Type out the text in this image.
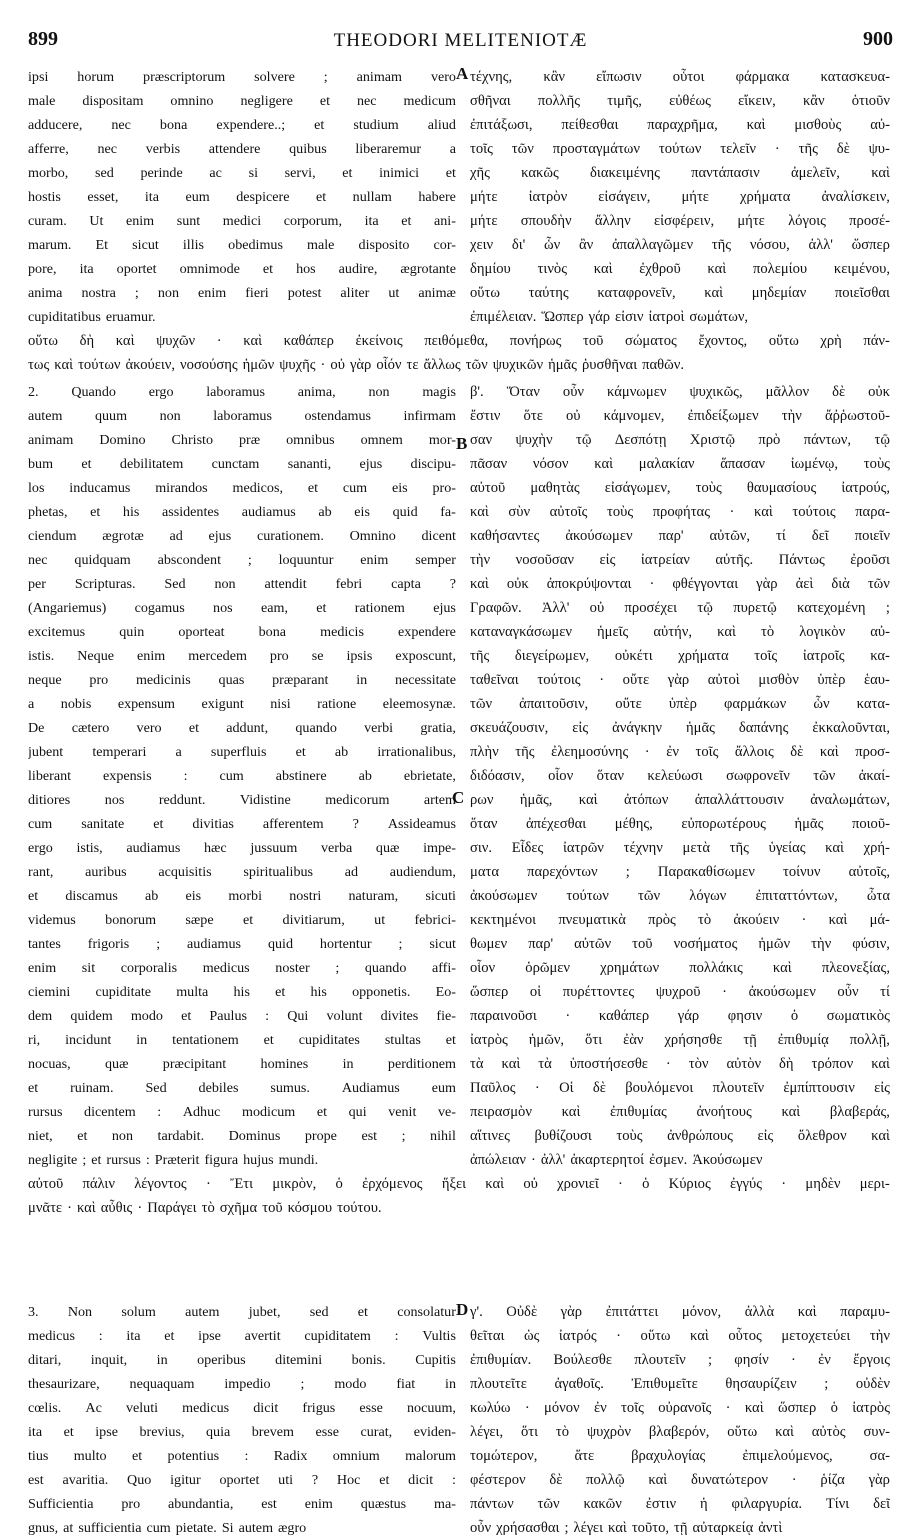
899	THEODORI MELITENIOTÆ	900
ipsi horum præscriptorum solvere ; animam vero
male dispositam omnino negligere et nec medicum
adducere, nec bona expendere..; et studium aliud
afferre, nec verbis attendere quibus liberaremur a
morbo, sed perinde ac si servi, et inimici et
hostis esset, ita eum despicere et nullam habere
curam. Ut enim sunt medici corporum, ita et ani-
marum. Et sicut illis obedimus male disposito cor-
pore, ita oportet omnimode et hos audire, ægrotante
anima nostra ; non enim fieri potest aliter ut animæ
cupiditatibus eruamur.
τέχνης, κἂν εἴπωσιν οὗτοι φάρμακα κατασκευα-
σθῆναι πολλῆς τιμῆς, εὐθέως εἴκειν, κἂν ὁτιοῦν
ἐπιτάξωσι, πείθεσθαι παραχρῆμα, καὶ μισθοὺς αὐ-
τοῖς τῶν προσταγμάτων τούτων τελεῖν · τῆς δὲ ψυ-
χῆς κακῶς διακειμένης παντάπασιν ἀμελεῖν, καὶ
μήτε ἰατρὸν εἰσάγειν, μήτε χρήματα ἀναλίσκειν,
μήτε σπουδὴν ἄλλην εἰσφέρειν, μήτε λόγοις προσέ-
χειν δι' ὧν ἂν ἀπαλλαγῶμεν τῆς νόσου, ἀλλ' ὥσπερ
δημίου τινὸς καὶ ἐχθροῦ καὶ πολεμίου κειμένου,
οὕτω ταύτης καταφρονεῖν, καὶ μηδεμίαν ποιεῖσθαι
ἐπιμέλειαν. Ὥσπερ γάρ εἰσιν ἰατροὶ σωμάτων,
οὕτω δὴ καὶ ψυχῶν · καὶ καθάπερ ἐκείνοις πειθόμεθα, πονήρως τοῦ σώματος ἔχοντος, οὕτω χρὴ πάν-
τως καὶ τούτων ἀκούειν, νοσούσης ἡμῶν ψυχῆς · οὐ γὰρ οἷόν τε ἄλλως τῶν ψυχικῶν ἡμᾶς ῥυσθῆναι παθῶν.
2. Quando ergo laboramus anima, non magis
autem quum non laboramus ostendamus infirmam
animam Domino Christo præ omnibus omnem mor-
bum et debilitatem cunctam sananti, ejus discipu-
los inducamus mirandos medicos, et cum eis pro-
phetas, et his assidentes audiamus ab eis quid fa-
ciendum ægrotæ ad ejus curationem. Omnino dicent
nec quidquam abscondent ; loquuntur enim semper
per Scripturas. Sed non attendit febri capta ?
(Angariemus) cogamus nos eam, et rationem ejus
excitemus quin oporteat bona medicis expendere
istis. Neque enim mercedem pro se ipsis exposcunt,
neque pro medicinis quas præparant in necessitate
a nobis expensum exigunt nisi ratione eleemosynæ.
De cætero vero et addunt, quando verbi gratia,
jubent temperari a superfluis et ab irrationalibus,
liberant expensis : cum abstinere ab ebrietate,
ditiores nos reddunt. Vidistine medicorum artem
cum sanitate et divitias afferentem ? Assideamus
ergo istis, audiamus hæc jussuum verba quæ impe-
rant, auribus acquisitis spiritualibus ad audiendum,
et discamus ab eis morbi nostri naturam, sicuti
videmus bonorum sæpe et divitiarum, ut febrici-
tantes frigoris ; audiamus quid hortentur ; sicut
enim sit corporalis medicus noster ; quando affi-
ciemini cupiditate multa his et his opponetis. Eo-
dem quidem modo et Paulus : Qui volunt divites fie-
ri, incidunt in tentationem et cupiditates stultas et
nocuas, quæ præcipitant homines in perditionem
et ruinam. Sed debiles sumus. Audiamus eum
rursus dicentem : Adhuc modicum et qui venit ve-
niet, et non tardabit. Dominus prope est ; nihil
negligite ; et rursus : Præterit figura hujus mundi.
β'. Ὅταν οὖν κάμνωμεν ψυχικῶς, μᾶλλον δὲ οὐκ
ἔστιν ὅτε οὐ κάμνομεν, ἐπιδείξωμεν τὴν ἄῤῥωστοῦ-
σαν ψυχὴν τῷ Δεσπότῃ Χριστῷ πρὸ πάντων, τῷ
πᾶσαν νόσον καὶ μαλακίαν ἅπασαν ἰωμένῳ, τοὺς
αὐτοῦ μαθητὰς εἰσάγωμεν, τοὺς θαυμασίους ἰατρούς,
καὶ σὺν αὐτοῖς τοὺς προφήτας · καὶ τούτοις παρα-
καθήσαντες ἀκούσωμεν παρ' αὐτῶν, τί δεῖ ποιεῖν
τὴν νοσοῦσαν εἰς ἰατρείαν αὐτῆς. Πάντως ἐροῦσι
καὶ οὐκ ἀποκρύψονται · φθέγγονται γὰρ ἀεὶ διὰ τῶν
Γραφῶν. Ἀλλ' οὐ προσέχει τῷ πυρετῷ κατεχομένη ;
καταναγκάσωμεν ἡμεῖς αὐτήν, καὶ τὸ λογικὸν αὐ-
τῆς διεγείρωμεν, οὐκέτι χρήματα τοῖς ἰατροῖς κα-
ταθεῖναι τούτοις · οὔτε γὰρ αὐτοὶ μισθὸν ὑπὲρ ἑαυ-
τῶν ἀπαιτοῦσιν, οὔτε ὑπὲρ φαρμάκων ὧν κατα-
σκευάζουσιν, εἰς ἀνάγκην ἡμᾶς δαπάνης ἐκκαλοῦνται,
πλὴν τῆς ἐλεημοσύνης · ἐν τοῖς ἄλλοις δὲ καὶ προσ-
διδόασιν, οἷον ὅταν κελεύωσι σωφρονεῖν τῶν ἀκαί-
ρων ἡμᾶς, καὶ ἀτόπων ἀπαλλάττουσιν ἀναλωμάτων,
ὅταν ἀπέχεσθαι μέθης, εὐπορωτέρους ἡμᾶς ποιοῦ-
σιν. Εἶδες ἰατρῶν τέχνην μετὰ τῆς ὑγείας καὶ χρή-
ματα παρεχόντων ; Παρακαθίσωμεν τοίνυν αὐτοῖς,
ἀκούσωμεν τούτων τῶν λόγων ἐπιταττόντων, ὦτα
κεκτημένοι πνευματικὰ πρὸς τὸ ἀκούειν · καὶ μά-
θωμεν παρ' αὐτῶν τοῦ νοσήματος ἡμῶν τὴν φύσιν,
οἷον ὁρῶμεν χρημάτων πολλάκις καὶ πλεονεξίας,
ὥσπερ οἱ πυρέττοντες ψυχροῦ · ἀκούσωμεν οὖν τί
παραινοῦσι · καθάπερ γάρ φησιν ὁ σωματικὸς
ἰατρὸς ἡμῶν, ὅτι ἐὰν χρήσησθε τῇ ἐπιθυμίᾳ πολλῇ,
τὰ καὶ τὰ ὑποστήσεσθε · τὸν αὐτὸν δὴ τρόπον καὶ
Παῦλος · Οἱ δὲ βουλόμενοι πλουτεῖν ἐμπίπτουσιν εἰς
πειρασμὸν καὶ ἐπιθυμίας ἀνοήτους καὶ βλαβεράς,
αἵτινες βυθίζουσι τοὺς ἀνθρώπους εἰς ὄλεθρον καὶ
ἀπώλειαν · ἀλλ' ἀκαρτερητοί ἐσμεν. Ἀκούσωμεν
αὐτοῦ πάλιν λέγοντος · Ἔτι μικρὸν, ὁ ἐρχόμενος ἥξει καὶ οὐ χρονιεῖ · ὁ Κύριος ἐγγύς · μηδὲν μερι-
μνᾶτε · καὶ αὖθις · Παράγει τὸ σχῆμα τοῦ κόσμου τούτου.
3. Non solum autem jubet, sed et consolatur
medicus : ita et ipse avertit cupiditatem : Vultis
ditari, inquit, in operibus ditemini bonis. Cupitis
thesaurizare, nequaquam impedio ; modo fiat in
cœlis. Ac veluti medicus dicit frigus esse nocuum,
ita et ipse brevius, quia brevem esse curat, eviden-
tius multo et potentius : Radix omnium malorum
est avaritia. Quo igitur oportet uti ? Hoc et dicit :
Sufficientia pro abundantia, est enim quæstus ma-
gnus, at sufficientia cum pietate. Si autem ægro
γ'. Οὐδὲ γὰρ ἐπιτάττει μόνον, ἀλλὰ καὶ παραμυ-
θεῖται ὡς ἰατρός · οὕτω καὶ οὗτος μετοχετεύει τὴν
ἐπιθυμίαν. Βούλεσθε πλουτεῖν ; φησίν · ἐν ἔργοις
πλουτεῖτε ἀγαθοῖς. Ἐπιθυμεῖτε θησαυρίζειν ; οὐδὲν
κωλύω · μόνον ἐν τοῖς οὐρανοῖς · καὶ ὥσπερ ὁ ἰατρὸς
λέγει, ὅτι τὸ ψυχρὸν βλαβερόν, οὕτω καὶ αὐτὸς συν-
τομώτερον,	ἅτε	βραχυλογίας	ἐπιμελούμενος,	σα-
φέστερον δὲ πολλῷ καὶ δυνατώτερον · ῥίζα γὰρ
πάντων τῶν κακῶν ἐστιν ἡ φιλαργυρία. Τίνι δεῖ
οὖν χρήσασθαι ; λέγει καὶ τοῦτο, τῇ αὐταρκείᾳ ἀντὶ
A
B
C
D
